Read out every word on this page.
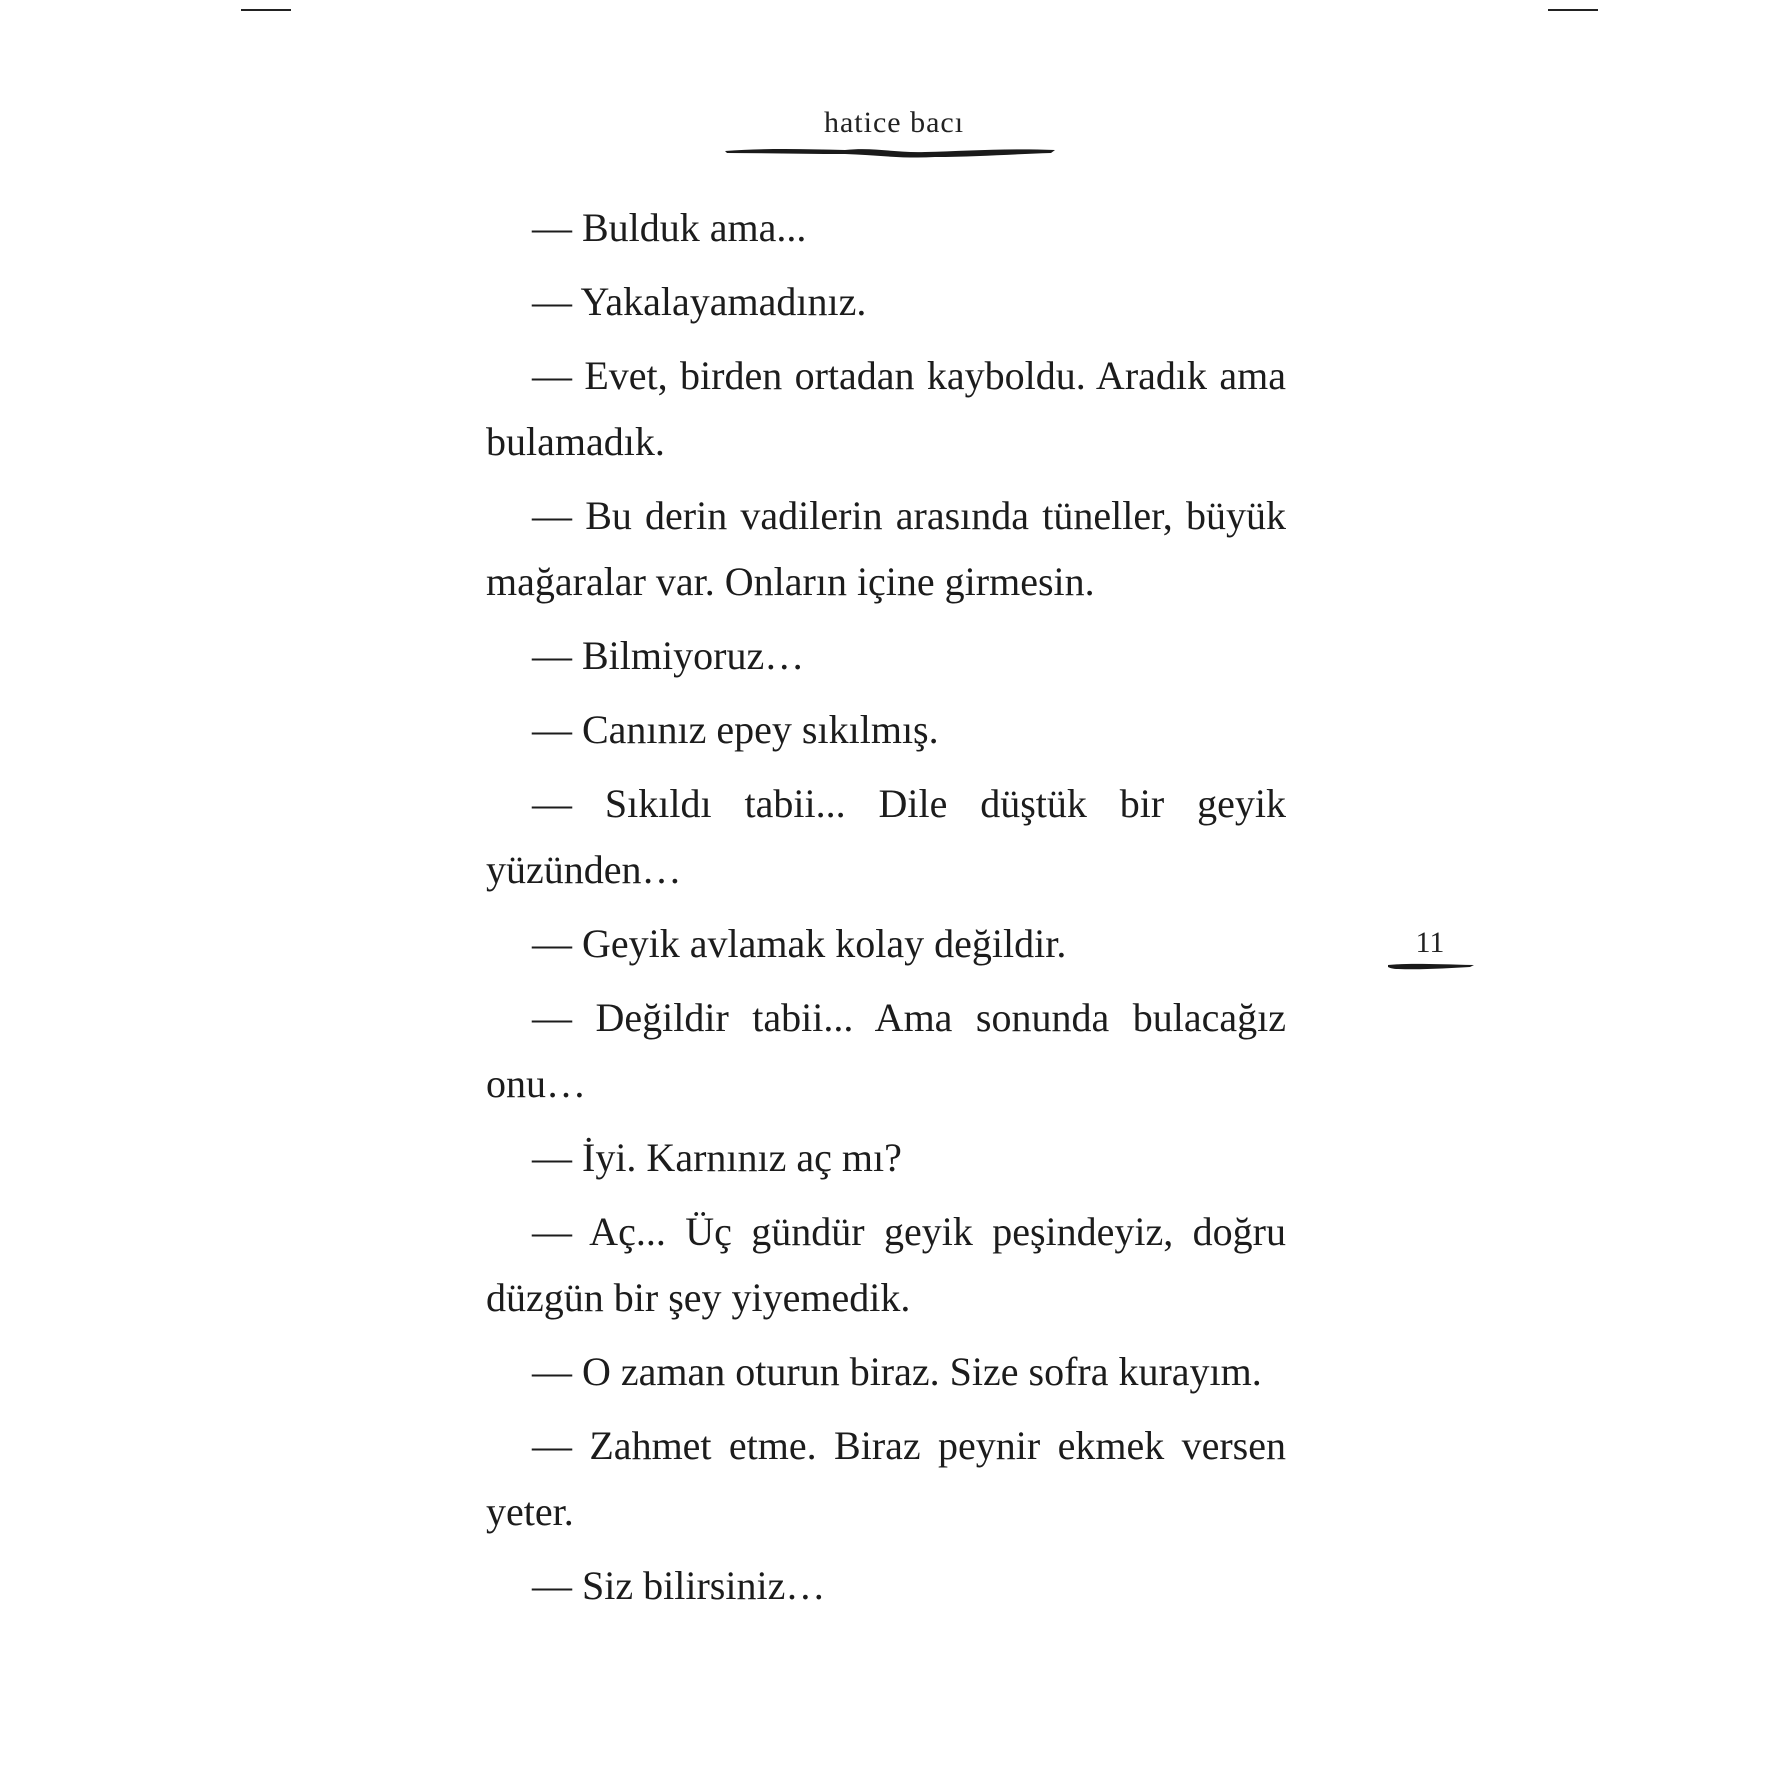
hatice bacı

— Bulduk ama...

— Yakalayamadınız.

— Evet, birden ortadan kayboldu. Aradık ama bulamadık.

— Bu derin vadilerin arasında tüneller, büyük mağaralar var. Onların içine girmesin.

— Bilmiyoruz…

— Canınız epey sıkılmış.

— Sıkıldı tabii... Dile düştük bir geyik yüzünden…

— Geyik avlamak kolay değildir.

— Değildir tabii... Ama sonunda bulacağız onu…

— İyi. Karnınız aç mı?

— Aç... Üç gündür geyik peşindeyiz, doğru düzgün bir şey yiyemedik.

— O zaman oturun biraz. Size sofra kurayım.

— Zahmet etme. Biraz peynir ekmek versen yeter.

— Siz bilirsiniz…

11
